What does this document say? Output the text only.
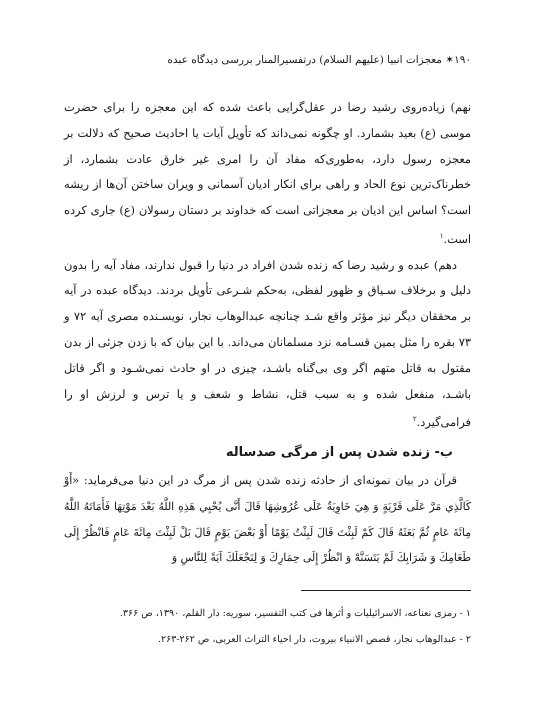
۱۹۰✶ معجزات انبیا (علیهم السلام) درتفسیرالمنار بررسی دیدگاه عبده

نهم) زیاده‌روی رشید رضا در عقل‌گرایی باعث شده که این معجزه را برای حضرت موسی (ع) بعید بشمارد. او چگونه نمی‌داند که تأویل آیات یا احادیث صحیح که دلالت بر معجزه رسول دارد، به‌طوری‌که مفاد آن را امری غیر خارق عادت بشمارد، از خطرناک‌ترین نوع الحاد و راهی برای انکار ادیان آسمانی و ویران ساختن آن‌ها از ریشه است؟ اساس این ادیان بر معجزاتی است که خداوند بر دستان رسولان (ع) جاری کرده است.$^۱$

دهم) عبده و رشید رضا که زنده شدن افراد در دنیا را قبول ندارند، مفاد آیه را بدون دلیل و برخلاف سـیاق و ظهور لفظی، به‌حکم شـرعی تأویل بردند. دیدگاه عبده در آیه بر محققان دیگر نیز مؤثر واقع شـد چنانچه عبدالوهاب نجار، نویسـنده مصری آیه ۷۲ و ۷۳ بقره را مثل یمین قسـامه نزد مسلمانان می‌داند. با این بیان که با زدن جزئی از بدن مقتول به قاتل متهم اگر وی بی‌گناه باشـد، چیزی در او حادث نمی‌شـود و اگر قاتل باشـد، منفعل شده و به سبب قتل، نشاط و شعف و یا ترس و لرزش او را فرامی‌گیرد.$^۲$

ب- زنده شدن پس از مرگی صدساله

قرآن در بیان نمونه‌ای از حادثه زنده شدن پس از مرگ در این دنیا می‌فرماید: «أَوْ كَالَّذِي مَرَّ عَلَى قَرْيَةٍ وَ هِيَ خَاوِيَةٌ عَلَى عُرُوشِهَا قَالَ أَنَّى يُحْيِي هَذِهِ اللَّهُ بَعْدَ مَوْتِهَا فَأَمَاتَهُ اللَّهُ مِائَةَ عَامٍ ثُمَّ بَعَثَهُ قَالَ كَمْ لَبِثْتَ قَالَ لَبِثْتُ يَوْمًا أَوْ بَعْضَ يَوْمٍ قَالَ بَلْ لَبِثْتَ مِائَةَ عَامٍ فَانْظُرْ إِلَى طَعَامِكَ وَ شَرَابِكَ لَمْ يَتَسَنَّهْ وَ انْظُرْ إِلَى حِمَارِكَ وَ لِنَجْعَلَكَ آيَةً لِلنَّاسِ وَ

۱ - رمزی نعناعه، الاسرائیلیات و أثرها فی کتب التفسیر، سوریه: دار القلم، ۱۳۹۰، ص ۳۶۶.
۲ - عبدالوهاب نجار، قصص الانبیاء بیروت، دار احیاء التراث العربی، ص ۲۶۲-۲۶۳.
